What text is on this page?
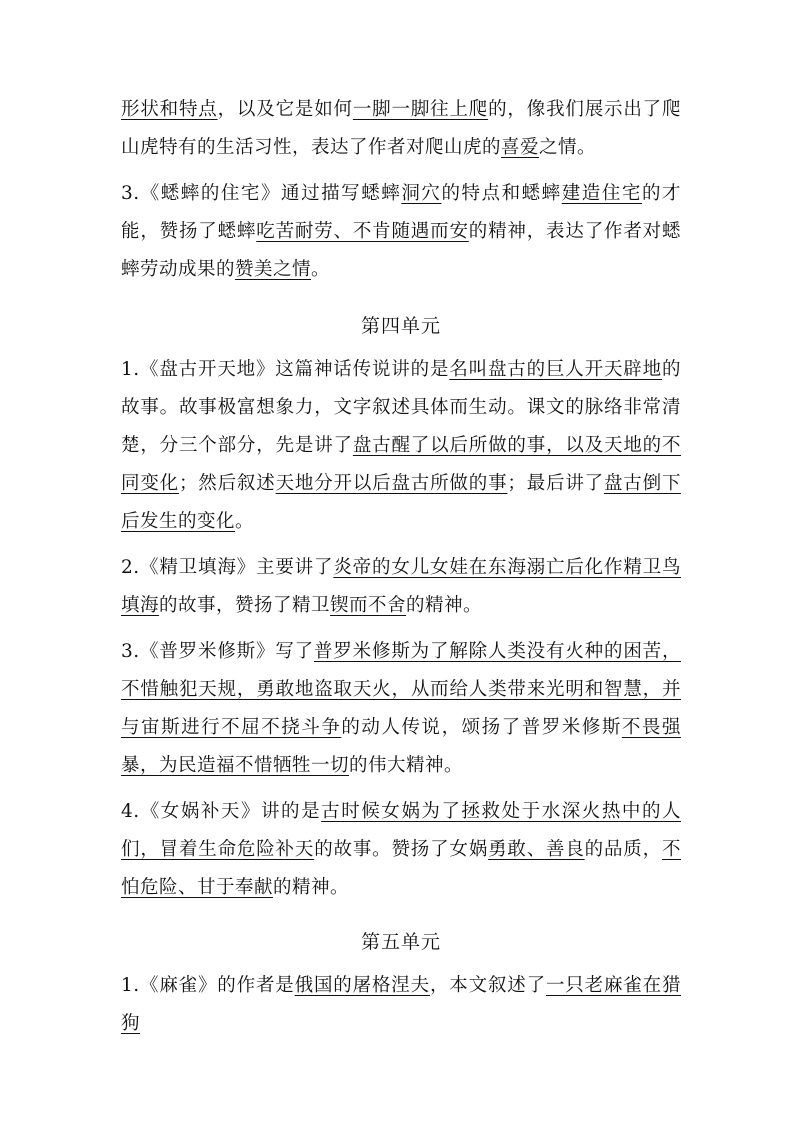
形状和特点，以及它是如何一脚一脚往上爬的，像我们展示出了爬山虎特有的生活习性，表达了作者对爬山虎的喜爱之情。
3.《蟋蟀的住宅》通过描写蟋蟀洞穴的特点和蟋蟀建造住宅的才能，赞扬了蟋蟀吃苦耐劳、不肯随遇而安的精神，表达了作者对蟋蟀劳动成果的赞美之情。
第四单元
1.《盘古开天地》这篇神话传说讲的是名叫盘古的巨人开天辟地的故事。故事极富想象力，文字叙述具体而生动。课文的脉络非常清楚，分三个部分，先是讲了盘古醒了以后所做的事，以及天地的不同变化；然后叙述天地分开以后盘古所做的事；最后讲了盘古倒下后发生的变化。
2.《精卫填海》主要讲了炎帝的女儿女娃在东海溺亡后化作精卫鸟填海的故事，赞扬了精卫锲而不舍的精神。
3.《普罗米修斯》写了普罗米修斯为了解除人类没有火种的困苦，不惜触犯天规，勇敢地盗取天火，从而给人类带来光明和智慧，并与宙斯进行不屈不挠斗争的动人传说，颂扬了普罗米修斯不畏强暴，为民造福不惜牺牲一切的伟大精神。
4.《女娲补天》讲的是古时候女娲为了拯救处于水深火热中的人们，冒着生命危险补天的故事。赞扬了女娲勇敢、善良的品质，不怕危险、甘于奉献的精神。
第五单元
1.《麻雀》的作者是俄国的屠格涅夫，本文叙述了一只老麻雀在猎狗
